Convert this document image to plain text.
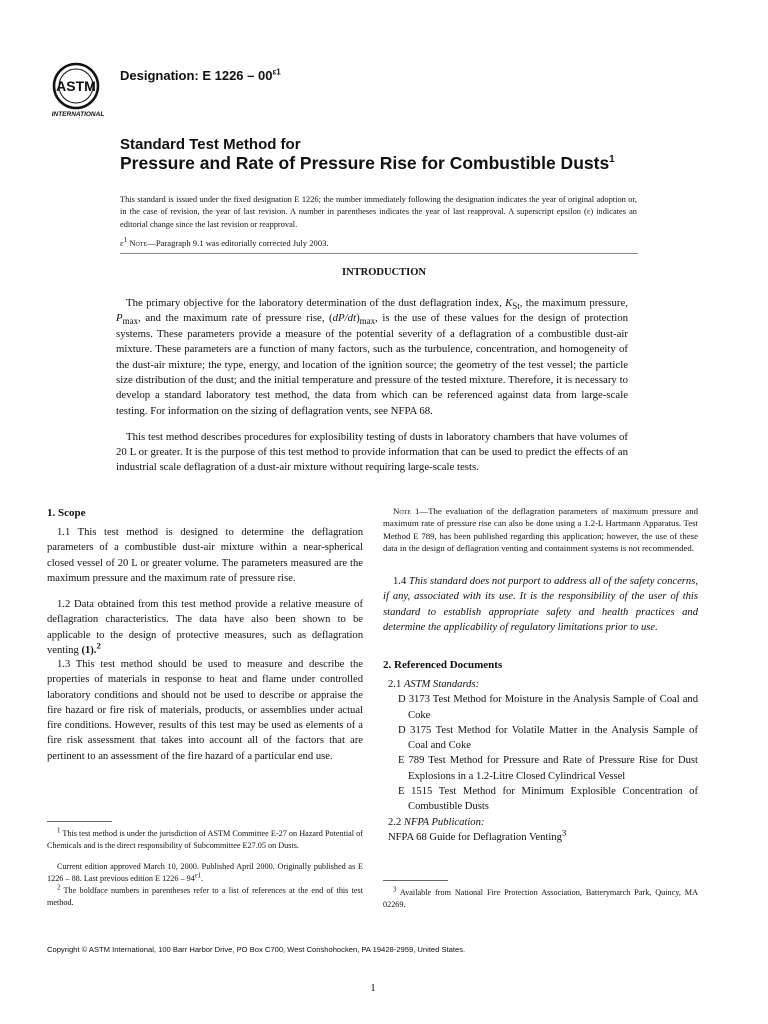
ASTM
INTERNATIONAL
Designation: E $1226 - 00^{\varepsilon 1}$
Standard Test Method for
Pressure and Rate of Pressure Rise for Combustible Dusts$^1$
This standard is issued under the fixed designation E 1226; the number immediately following the designation indicates the year of original adoption or, in the case of revision, the year of last revision. A number in parentheses indicates the year of last reapproval. A superscript epsilon (ε) indicates an editorial change since the last revision or reapproval.
$\varepsilon^1$ Note—Paragraph 9.1 was editorially corrected July 2003.
INTRODUCTION
The primary objective for the laboratory determination of the dust deflagration index, $K_{St}$, the maximum pressure, $P_{max}$, and the maximum rate of pressure rise, $(dP/dt)_{max}$, is the use of these values for the design of protection systems. These parameters provide a measure of the potential severity of a deflagration of a combustible dust-air mixture. These parameters are a function of many factors, such as the turbulence, concentration, and homogeneity of the dust-air mixture; the type, energy, and location of the ignition source; the geometry of the test vessel; the particle size distribution of the dust; and the initial temperature and pressure of the tested mixture. Therefore, it is necessary to develop a standard laboratory test method, the data from which can be referenced against data from large-scale testing. For information on the sizing of deflagration vents, see NFPA 68.
This test method describes procedures for explosibility testing of dusts in laboratory chambers that have volumes of 20 L or greater. It is the purpose of this test method to provide information that can be used to predict the effects of an industrial scale deflagration of a dust-air mixture without requiring large-scale tests.
1. Scope
1.1 This test method is designed to determine the deflagration parameters of a combustible dust-air mixture within a near-spherical closed vessel of 20 L or greater volume. The parameters measured are the maximum pressure and the maximum rate of pressure rise.
1.2 Data obtained from this test method provide a relative measure of deflagration characteristics. The data have also been shown to be applicable to the design of protective measures, such as deflagration venting (1).$^2$
1.3 This test method should be used to measure and describe the properties of materials in response to heat and flame under controlled laboratory conditions and should not be used to describe or appraise the fire hazard or fire risk of materials, products, or assemblies under actual fire conditions. However, results of this test may be used as elements of a fire risk assessment that takes into account all of the factors that are pertinent to an assessment of the fire hazard of a particular end use.
$^1$ This test method is under the jurisdiction of ASTM Committee E-27 on Hazard Potential of Chemicals and is the direct responsibility of Subcommittee E27.05 on Dusts.
Current edition approved March 10, 2000. Published April 2000. Originally published as E 1226 – 88. Last previous edition E $1226 - 94^{\varepsilon 1}$.
$^2$ The boldface numbers in parentheses refer to a list of references at the end of this test method.
Note 1—The evaluation of the deflagration parameters of maximum pressure and maximum rate of pressure rise can also be done using a 1.2-L Hartmann Apparatus. Test Method E 789, has been published regarding this application; however, the use of these data in the design of deflagration venting and containment systems is not recommended.
1.4 This standard does not purport to address all of the safety concerns, if any, associated with its use. It is the responsibility of the user of this standard to establish appropriate safety and health practices and determine the applicability of regulatory limitations prior to use.
2. Referenced Documents
2.1 ASTM Standards:
D 3173 Test Method for Moisture in the Analysis Sample of Coal and Coke
D 3175 Test Method for Volatile Matter in the Analysis Sample of Coal and Coke
E 789 Test Method for Pressure and Rate of Pressure Rise for Dust Explosions in a 1.2-Litre Closed Cylindrical Vessel
E 1515 Test Method for Minimum Explosible Concentration of Combustible Dusts
2.2 NFPA Publication:
NFPA 68 Guide for Deflagration Venting$^3$
$^3$ Available from National Fire Protection Association, Batterymarch Park, Quincy, MA 02269.
Copyright © ASTM International, 100 Barr Harbor Drive, PO Box C700, West Conshohocken, PA 19428-2959, United States.
1
